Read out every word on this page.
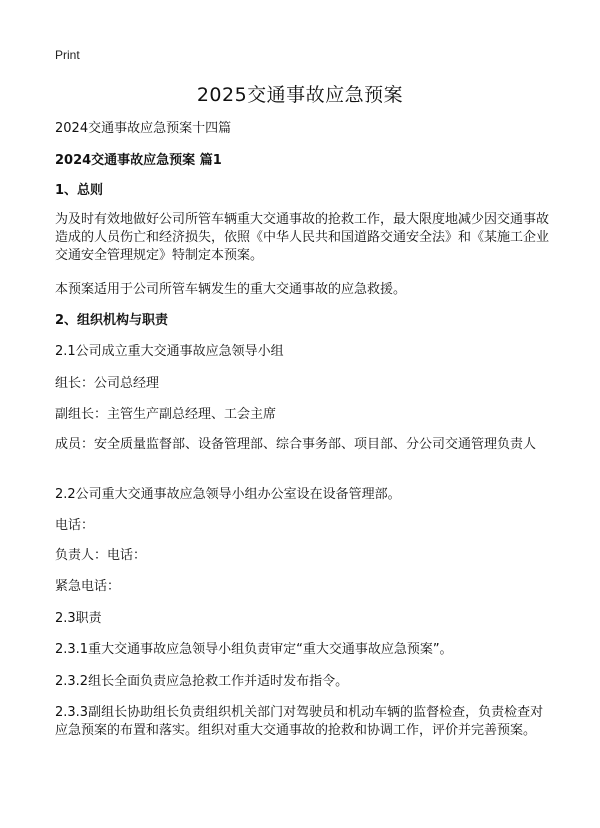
Print
2025交通事故应急预案
2024交通事故应急预案十四篇
2024交通事故应急预案 篇1
1、总则
为及时有效地做好公司所管车辆重大交通事故的抢救工作，最大限度地减少因交通事故造成的人员伤亡和经济损失，依照《中华人民共和国道路交通安全法》和《某施工企业交通安全管理规定》特制定本预案。
本预案适用于公司所管车辆发生的重大交通事故的应急救援。
2、组织机构与职责
2.1公司成立重大交通事故应急领导小组
组长：公司总经理
副组长：主管生产副总经理、工会主席
成员：安全质量监督部、设备管理部、综合事务部、项目部、分公司交通管理负责人
2.2公司重大交通事故应急领导小组办公室设在设备管理部。
电话：
负责人：电话：
紧急电话：
2.3职责
2.3.1重大交通事故应急领导小组负责审定“重大交通事故应急预案”。
2.3.2组长全面负责应急抢救工作并适时发布指令。
2.3.3副组长协助组长负责组织机关部门对驾驶员和机动车辆的监督检查，负责检查对应急预案的布置和落实。组织对重大交通事故的抢救和协调工作，评价并完善预案。
